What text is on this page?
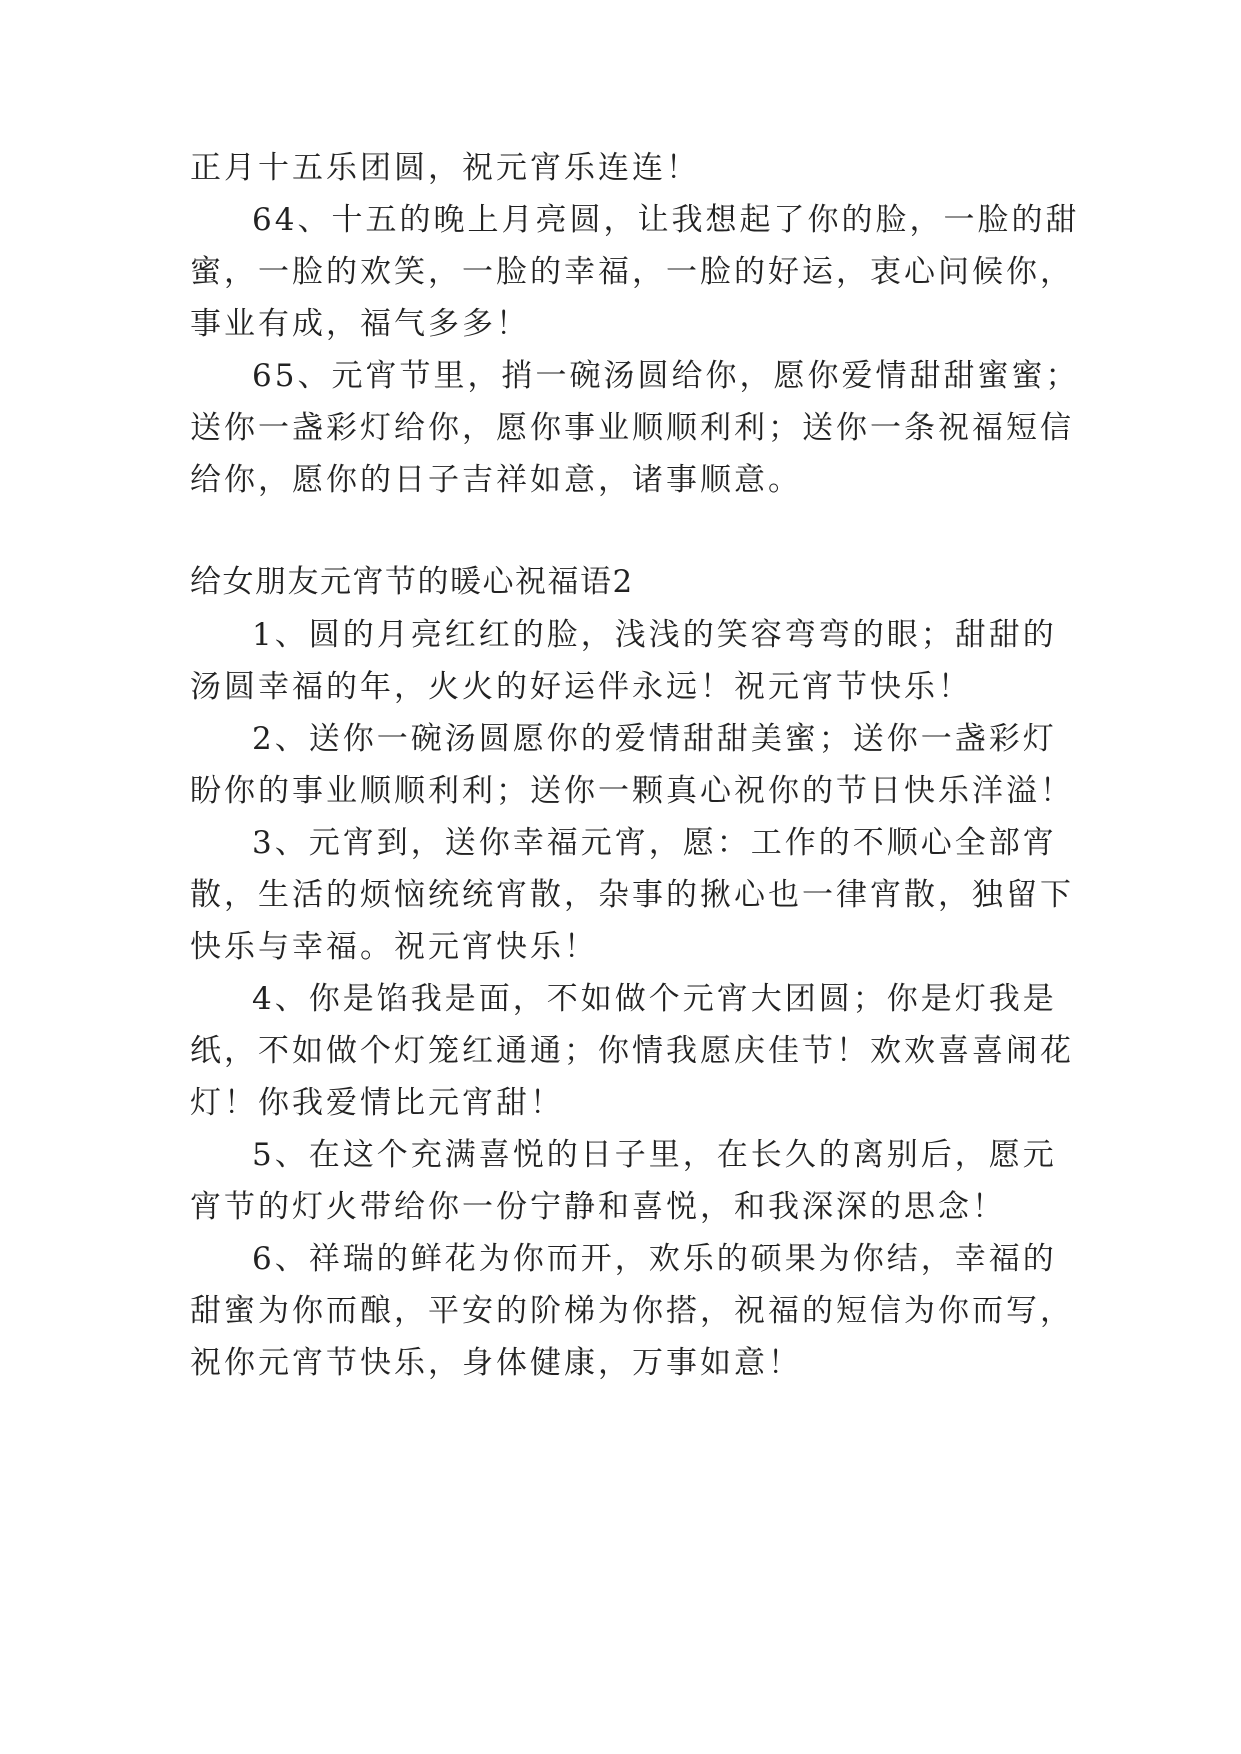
正月十五乐团圆，祝元宵乐连连！

64、十五的晚上月亮圆，让我想起了你的脸，一脸的甜

蜜，一脸的欢笑，一脸的幸福，一脸的好运，衷心问候你，

事业有成，福气多多！

65、元宵节里，捎一碗汤圆给你，愿你爱情甜甜蜜蜜；

送你一盏彩灯给你，愿你事业顺顺利利；送你一条祝福短信

给你，愿你的日子吉祥如意，诸事顺意。

给女朋友元宵节的暖心祝福语2

1、圆的月亮红红的脸，浅浅的笑容弯弯的眼；甜甜的

汤圆幸福的年，火火的好运伴永远！祝元宵节快乐！

2、送你一碗汤圆愿你的爱情甜甜美蜜；送你一盏彩灯

盼你的事业顺顺利利；送你一颗真心祝你的节日快乐洋溢！

3、元宵到，送你幸福元宵，愿：工作的不顺心全部宵

散，生活的烦恼统统宵散，杂事的揪心也一律宵散，独留下

快乐与幸福。祝元宵快乐！

4、你是馅我是面，不如做个元宵大团圆；你是灯我是

纸，不如做个灯笼红通通；你情我愿庆佳节！欢欢喜喜闹花

灯！你我爱情比元宵甜！

5、在这个充满喜悦的日子里，在长久的离别后，愿元

宵节的灯火带给你一份宁静和喜悦，和我深深的思念！

6、祥瑞的鲜花为你而开，欢乐的硕果为你结，幸福的

甜蜜为你而酿，平安的阶梯为你搭，祝福的短信为你而写，

祝你元宵节快乐，身体健康，万事如意！
